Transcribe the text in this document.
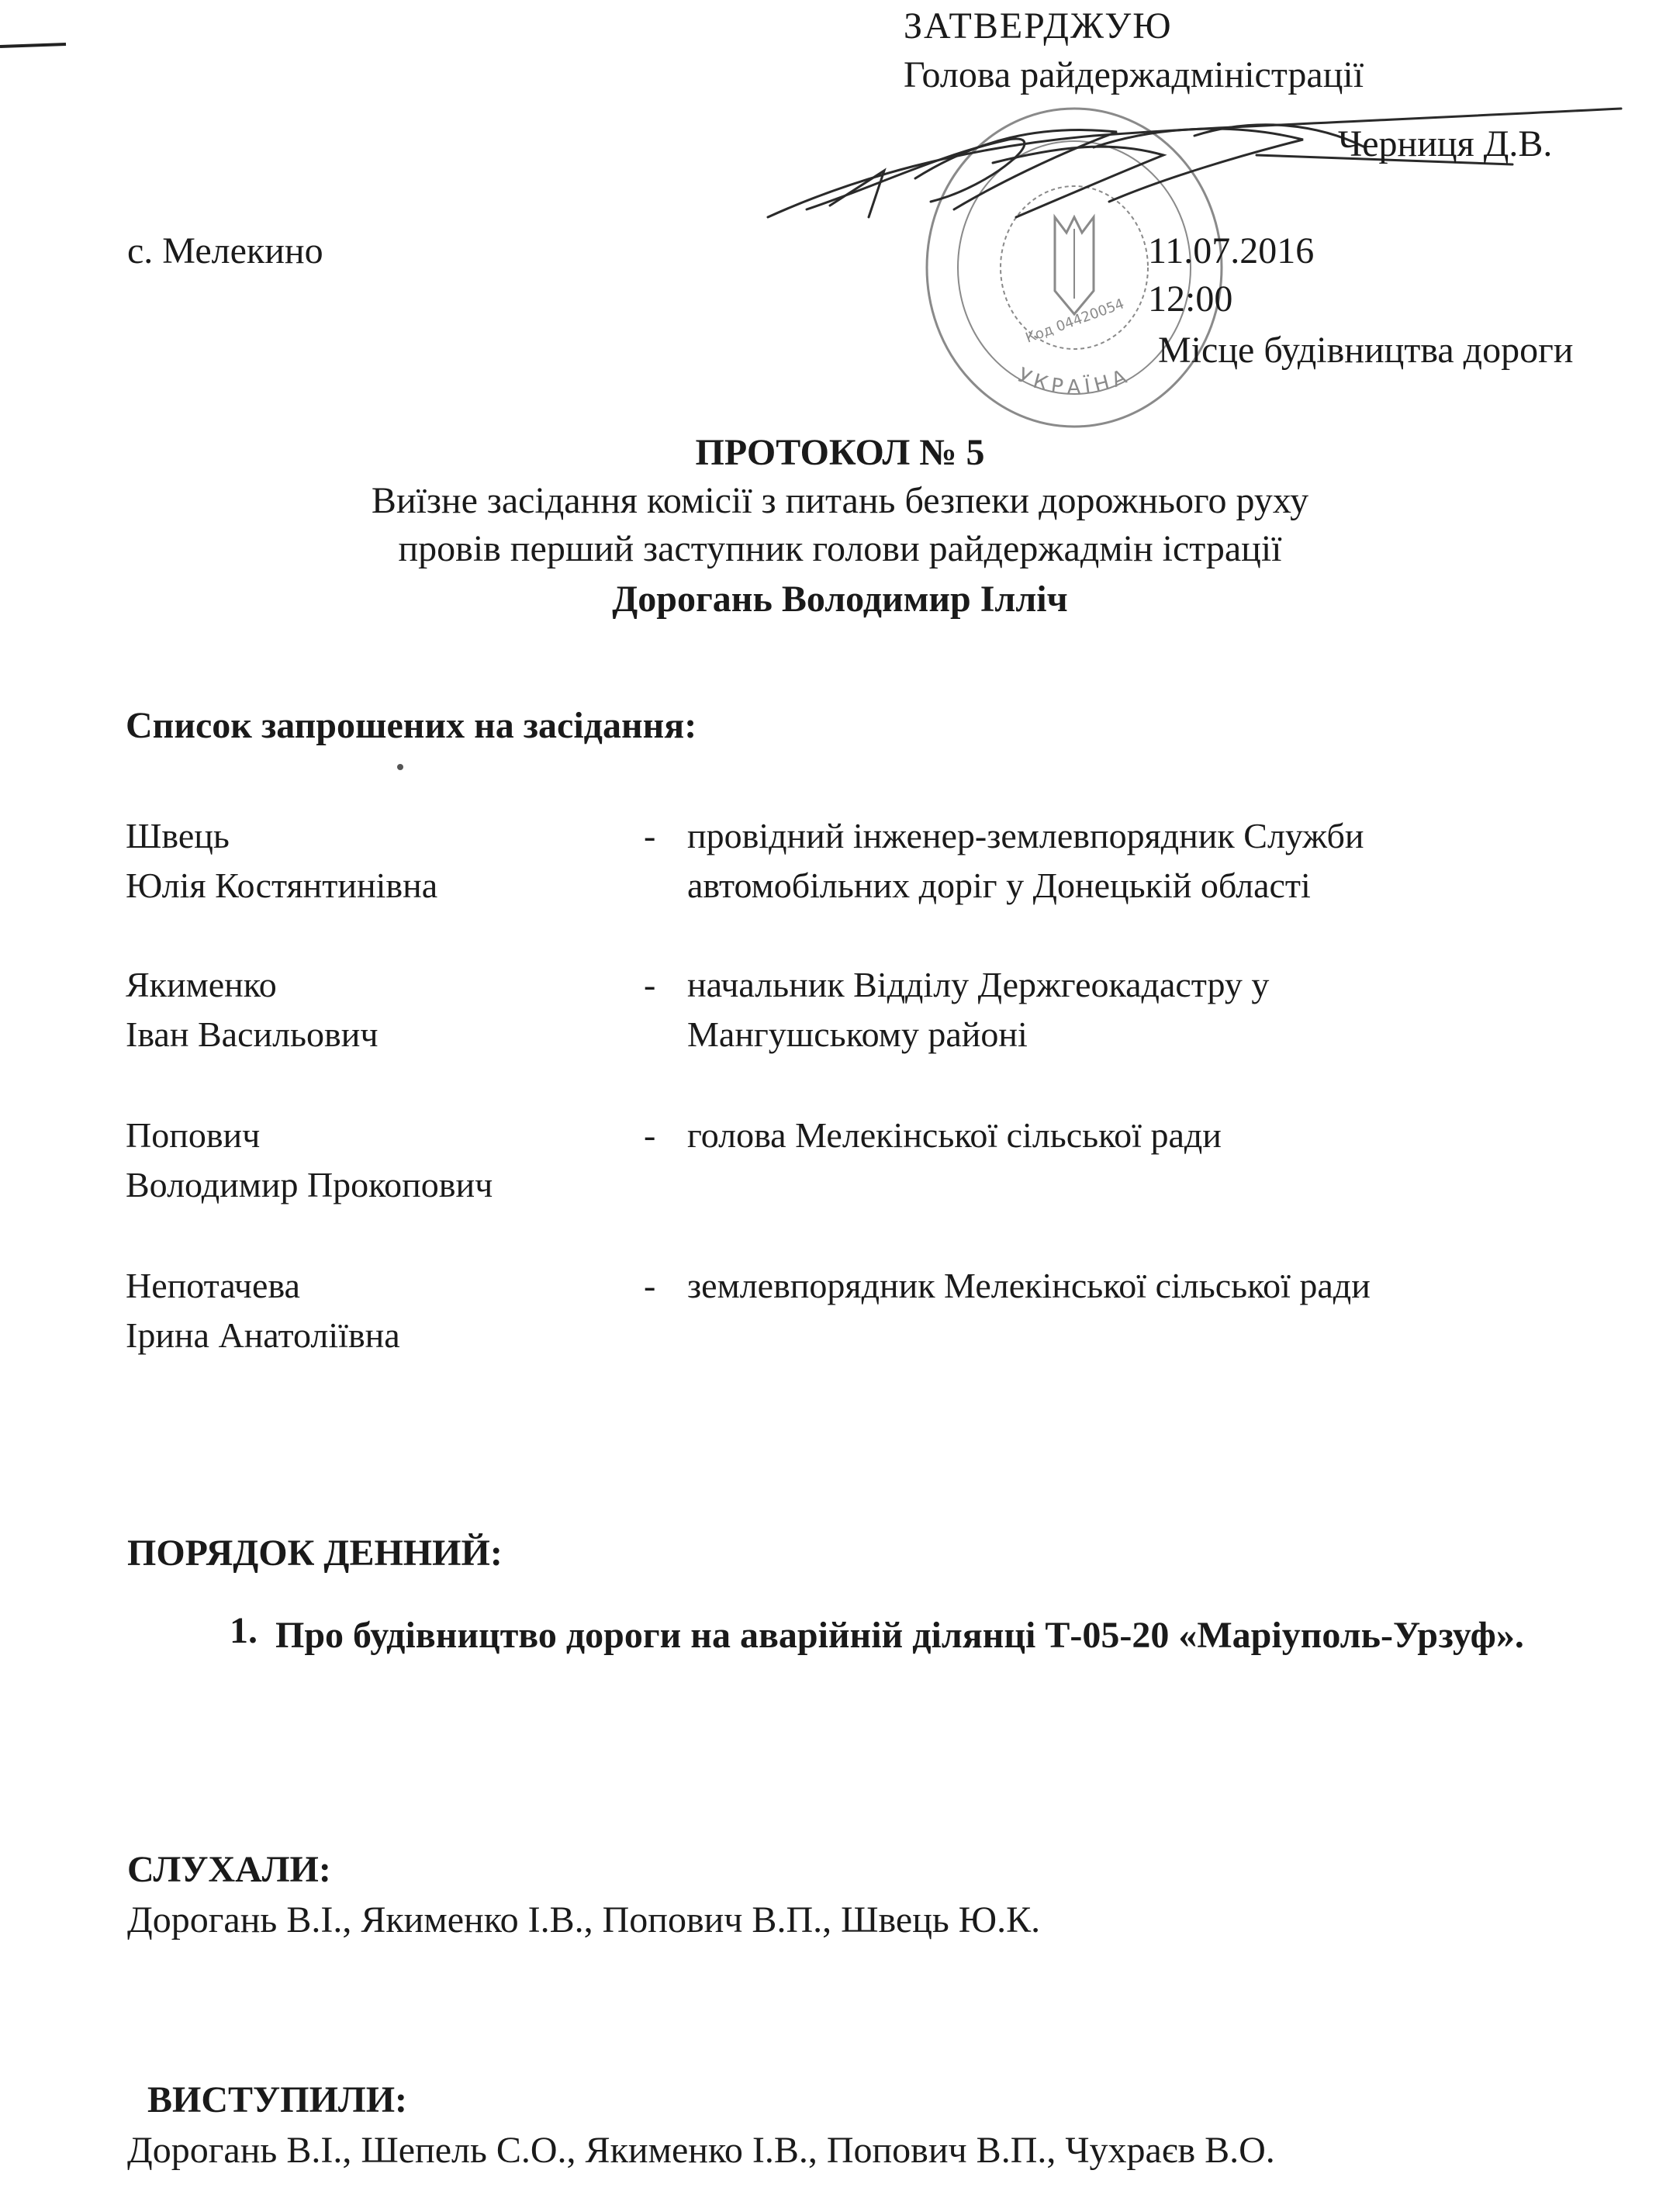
УКРАЇНА
Код 04420054
ЗАТВЕРДЖУЮ
Голова райдержадміністрації
Черниця Д.В.
с. Мелекино	11.07.2016
12:00
Місце будівництва дороги
ПРОТОКОЛ № 5
Виїзне засідання комісії з питань безпеки дорожнього руху
провів перший заступник голови райдержадмін істрації
Дорогань Володимир Ілліч
Список запрошених на засідання:
Швець
Юлія Костянтинівна
- провідний інженер-землевпорядник Служби
автомобільних доріг у Донецькій області
Якименко
Іван Васильович
- начальник Відділу Держгеокадастру у
Мангушському районі
Попович
Володимир Прокопович
- голова Мелекінської сільської ради
Непотачева
Ірина Анатоліївна
- землевпорядник Мелекінської сільської ради
ПОРЯДОК ДЕННИЙ:
1. Про будівництво дороги на аварійній ділянці Т-05-20 «Маріуполь-Урзуф».
СЛУХАЛИ:
Дорогань В.І., Якименко І.В., Попович В.П., Швець Ю.К.
ВИСТУПИЛИ:
Дорогань В.І., Шепель С.О., Якименко І.В., Попович В.П., Чухраєв В.О.
